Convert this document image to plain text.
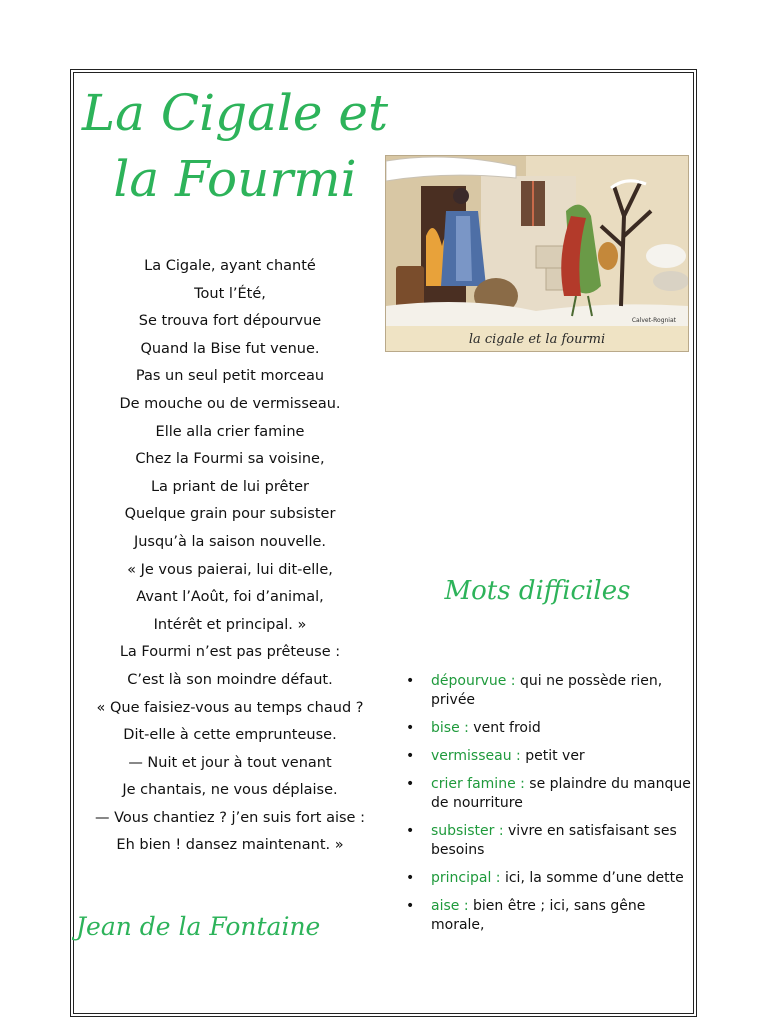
La Cigale et
la Fourmi
La Cigale, ayant chanté
Tout l’Été,
Se trouva fort dépourvue
Quand la Bise fut venue.
Pas un seul petit morceau
De mouche ou de vermisseau.
Elle alla crier famine
Chez la Fourmi sa voisine,
La priant de lui prêter
Quelque grain pour subsister
Jusqu’à la saison nouvelle.
« Je vous paierai, lui dit-elle,
Avant l’Août, foi d’animal,
Intérêt et principal. »
La Fourmi n’est pas prêteuse :
C’est là son moindre défaut.
« Que faisiez-vous au temps chaud ?
Dit-elle à cette emprunteuse.
— Nuit et jour à tout venant
Je chantais, ne vous déplaise.
— Vous chantiez ? j’en suis fort aise :
Eh bien ! dansez maintenant. »
Jean de la Fontaine
la cigale et la fourmi
Calvet-Rogniat
Mots difficiles
• dépourvue : qui ne possède rien, privée
• bise : vent froid
• vermisseau : petit ver
• crier famine : se plaindre du manque de nourriture
• subsister : vivre en satisfaisant ses besoins
• principal : ici, la somme d’une dette
• aise : bien être ; ici, sans gêne morale,
